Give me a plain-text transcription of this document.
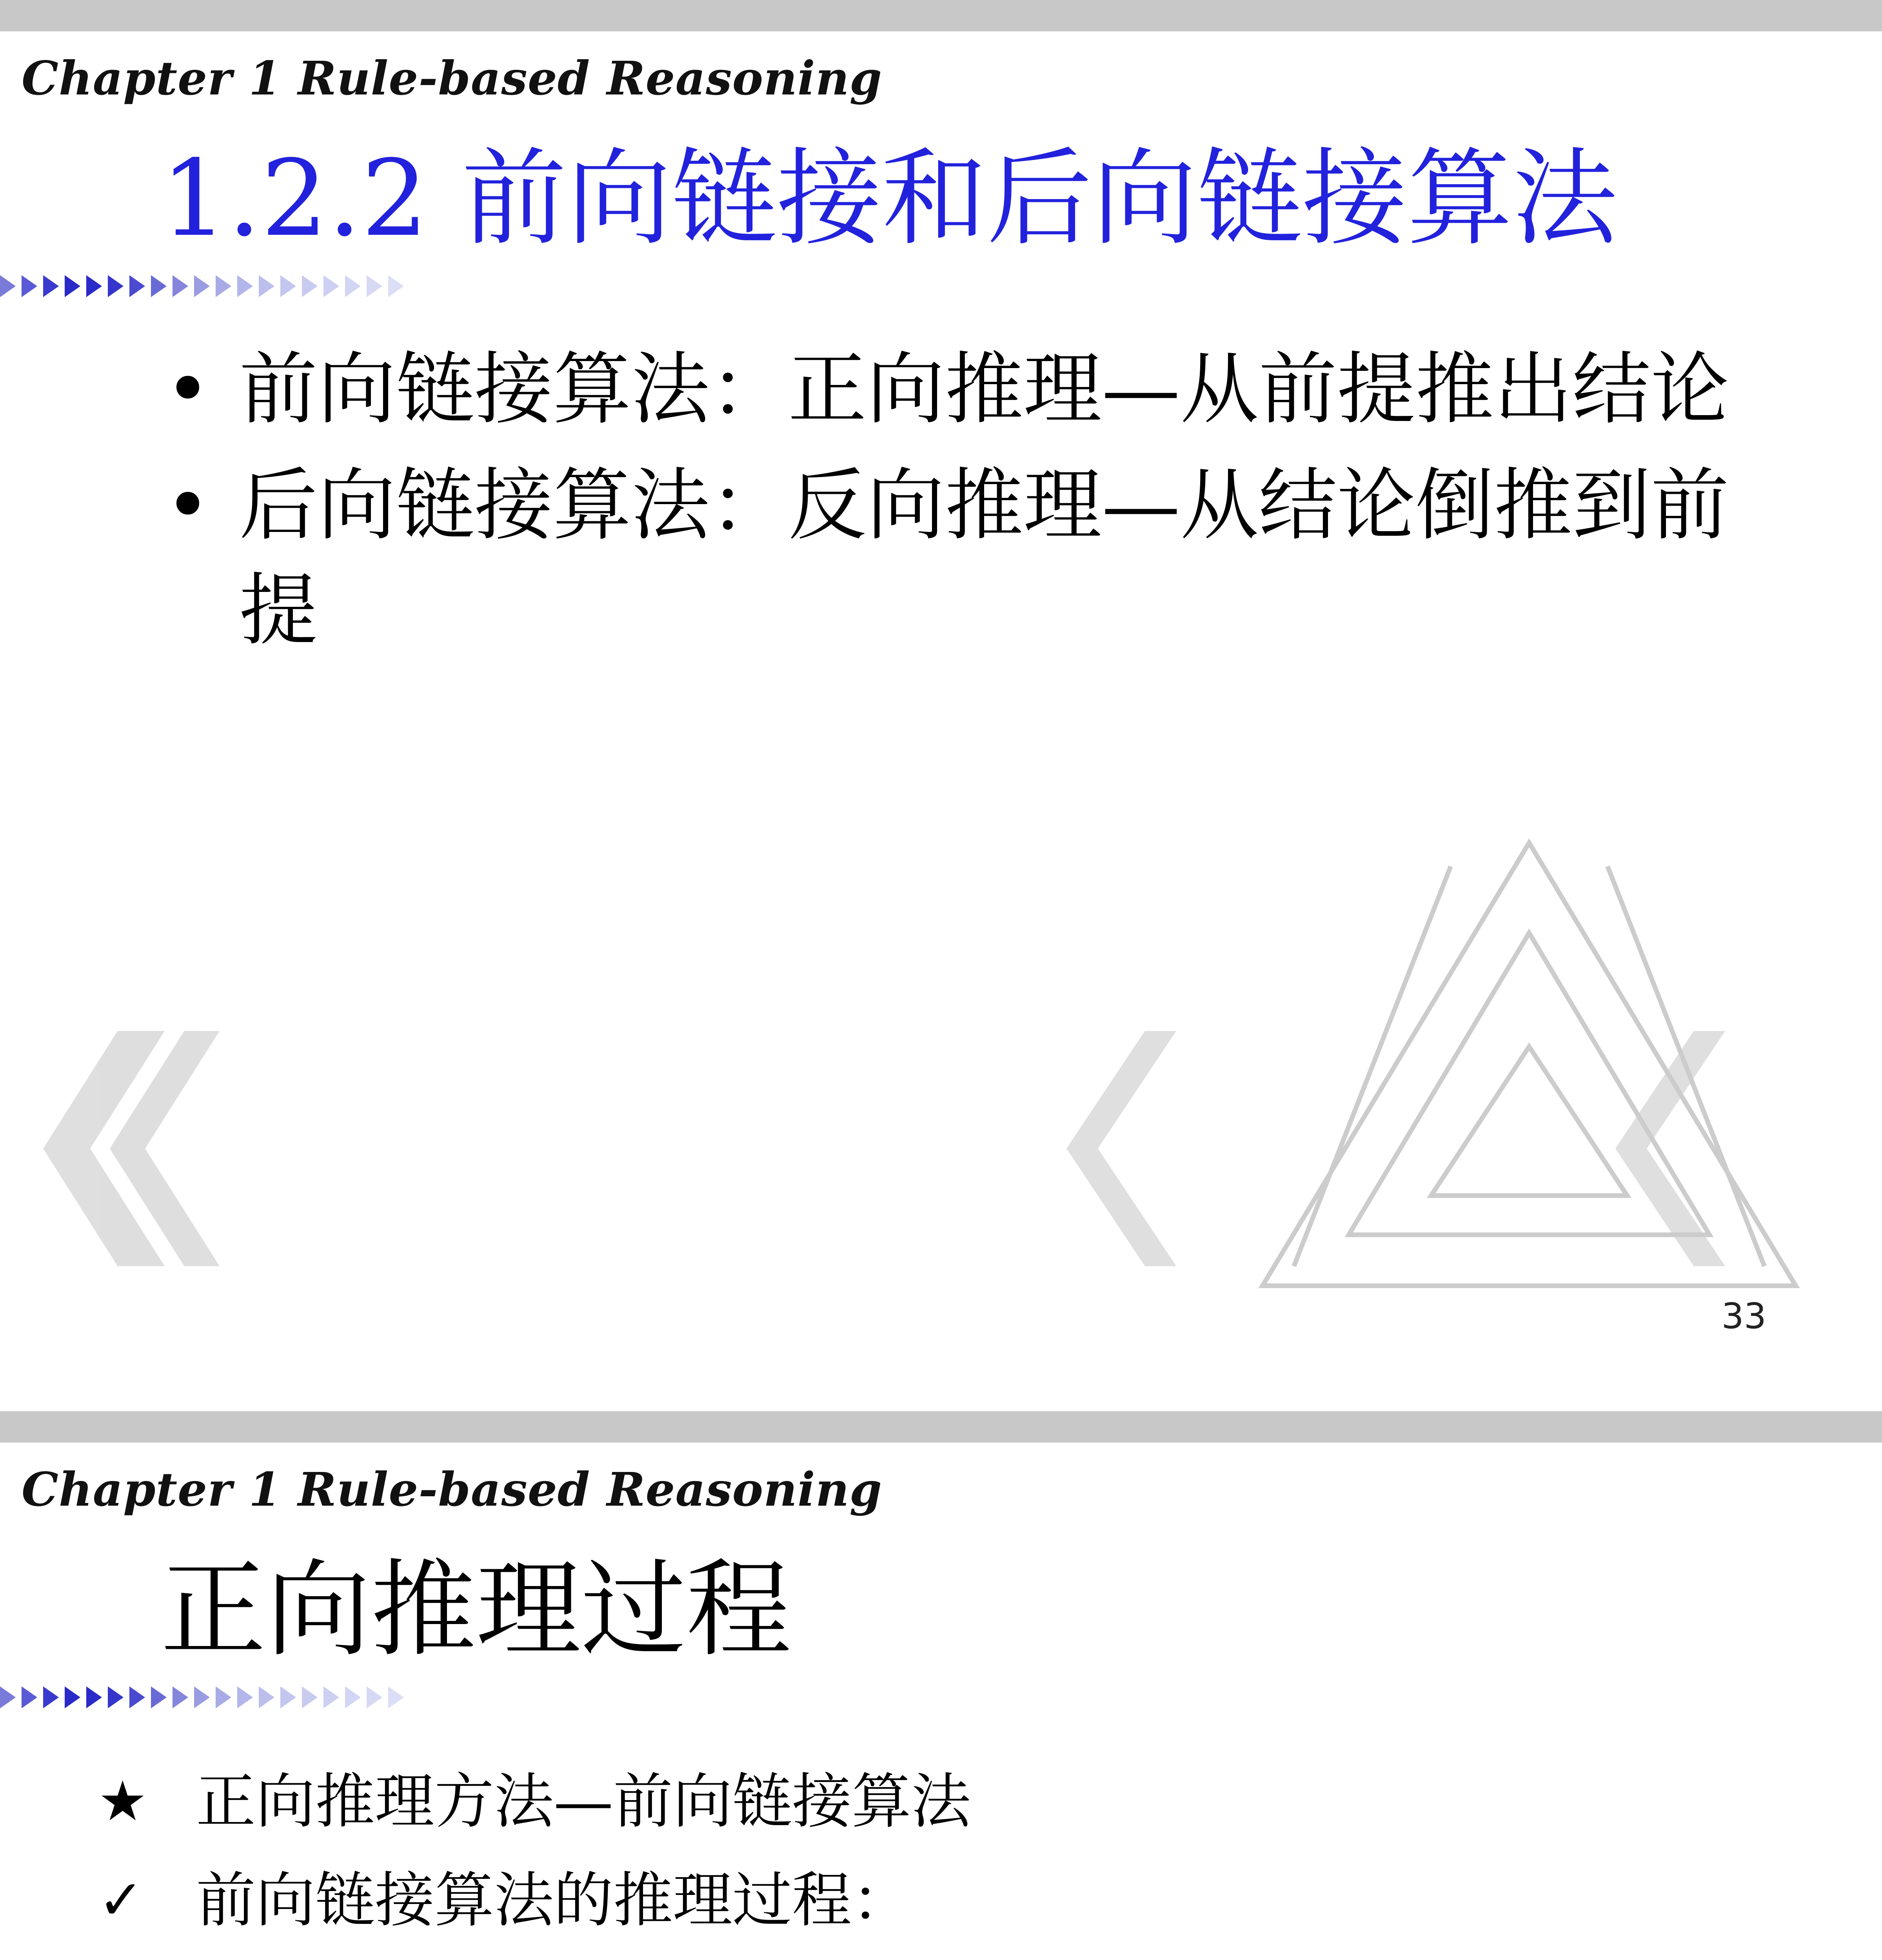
Chapter 1 Rule-based Reasoning
1.2.2 前向链接和后向链接算法
• 前向链接算法：正向推理—从前提推出结论
• 后向链接算法：反向推理—从结论倒推到前提
33
Chapter 1 Rule-based Reasoning
正向推理过程
★ 正向推理方法—前向链接算法
✓ 前向链接算法的推理过程：
